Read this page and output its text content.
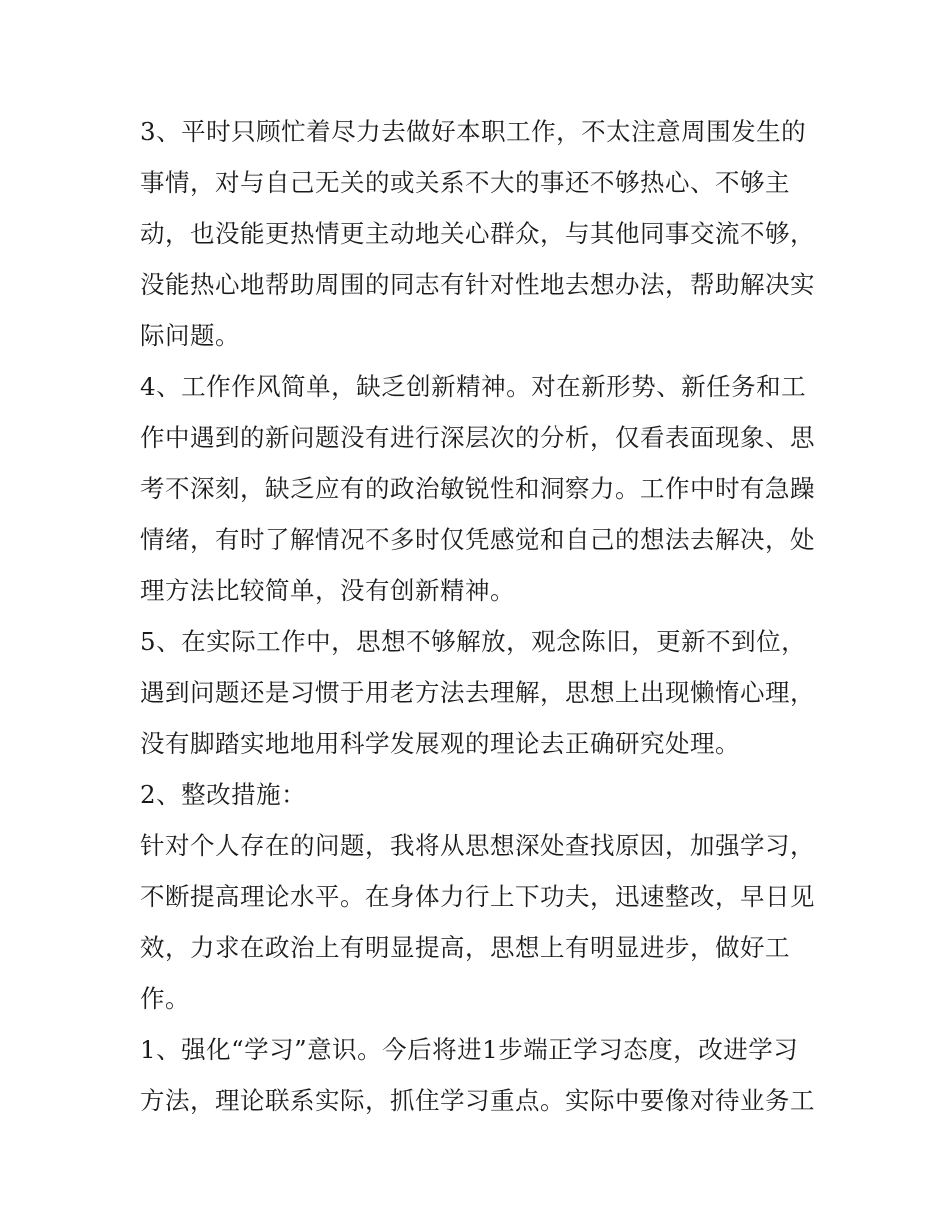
3、平时只顾忙着尽力去做好本职工作，不太注意周围发生的
事情，对与自己无关的或关系不大的事还不够热心、不够主
动，也没能更热情更主动地关心群众，与其他同事交流不够，
没能热心地帮助周围的同志有针对性地去想办法，帮助解决实
际问题。
4、工作作风简单，缺乏创新精神。对在新形势、新任务和工
作中遇到的新问题没有进行深层次的分析，仅看表面现象、思
考不深刻，缺乏应有的政治敏锐性和洞察力。工作中时有急躁
情绪，有时了解情况不多时仅凭感觉和自己的想法去解决，处
理方法比较简单，没有创新精神。
5、在实际工作中，思想不够解放，观念陈旧，更新不到位，
遇到问题还是习惯于用老方法去理解，思想上出现懒惰心理，
没有脚踏实地地用科学发展观的理论去正确研究处理。
2、整改措施：
针对个人存在的问题，我将从思想深处查找原因，加强学习，
不断提高理论水平。在身体力行上下功夫，迅速整改，早日见
效，力求在政治上有明显提高，思想上有明显进步，做好工
作。
1、强化“学习”意识。今后将进1步端正学习态度，改进学习
方法，理论联系实际，抓住学习重点。实际中要像对待业务工
